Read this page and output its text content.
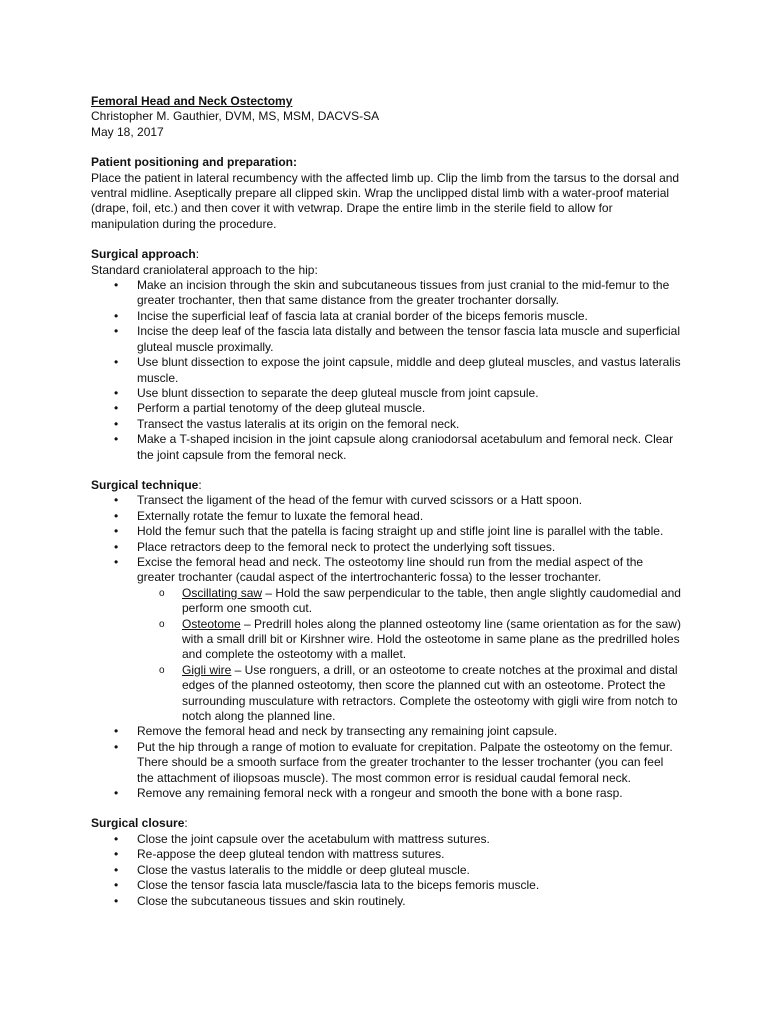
Femoral Head and Neck Ostectomy

Christopher M. Gauthier, DVM, MS, MSM, DACVS-SA

May 18, 2017

Patient positioning and preparation:

Place the patient in lateral recumbency with the affected limb up. Clip the limb from the tarsus to the dorsal and ventral midline. Aseptically prepare all clipped skin. Wrap the unclipped distal limb with a water-proof material (drape, foil, etc.) and then cover it with vetwrap. Drape the entire limb in the sterile field to allow for manipulation during the procedure.

Surgical approach:

Standard craniolateral approach to the hip:

• Make an incision through the skin and subcutaneous tissues from just cranial to the mid-femur to the greater trochanter, then that same distance from the greater trochanter dorsally.
• Incise the superficial leaf of fascia lata at cranial border of the biceps femoris muscle.
• Incise the deep leaf of the fascia lata distally and between the tensor fascia lata muscle and superficial gluteal muscle proximally.
• Use blunt dissection to expose the joint capsule, middle and deep gluteal muscles, and vastus lateralis muscle.
• Use blunt dissection to separate the deep gluteal muscle from joint capsule.
• Perform a partial tenotomy of the deep gluteal muscle.
• Transect the vastus lateralis at its origin on the femoral neck.
• Make a T-shaped incision in the joint capsule along craniodorsal acetabulum and femoral neck. Clear the joint capsule from the femoral neck.

Surgical technique:

• Transect the ligament of the head of the femur with curved scissors or a Hatt spoon.
• Externally rotate the femur to luxate the femoral head.
• Hold the femur such that the patella is facing straight up and stifle joint line is parallel with the table.
• Place retractors deep to the femoral neck to protect the underlying soft tissues.
• Excise the femoral head and neck. The osteotomy line should run from the medial aspect of the greater trochanter (caudal aspect of the intertrochanteric fossa) to the lesser trochanter.
o Oscillating saw – Hold the saw perpendicular to the table, then angle slightly caudomedial and perform one smooth cut.
o Osteotome – Predrill holes along the planned osteotomy line (same orientation as for the saw) with a small drill bit or Kirshner wire. Hold the osteotome in same plane as the predrilled holes and complete the osteotomy with a mallet.
o Gigli wire – Use ronguers, a drill, or an osteotome to create notches at the proximal and distal edges of the planned osteotomy, then score the planned cut with an osteotome. Protect the surrounding musculature with retractors. Complete the osteotomy with gigli wire from notch to notch along the planned line.
• Remove the femoral head and neck by transecting any remaining joint capsule.
• Put the hip through a range of motion to evaluate for crepitation. Palpate the osteotomy on the femur. There should be a smooth surface from the greater trochanter to the lesser trochanter (you can feel the attachment of iliopsoas muscle). The most common error is residual caudal femoral neck.
• Remove any remaining femoral neck with a rongeur and smooth the bone with a bone rasp.

Surgical closure:

• Close the joint capsule over the acetabulum with mattress sutures.
• Re-appose the deep gluteal tendon with mattress sutures.
• Close the vastus lateralis to the middle or deep gluteal muscle.
• Close the tensor fascia lata muscle/fascia lata to the biceps femoris muscle.
• Close the subcutaneous tissues and skin routinely.
